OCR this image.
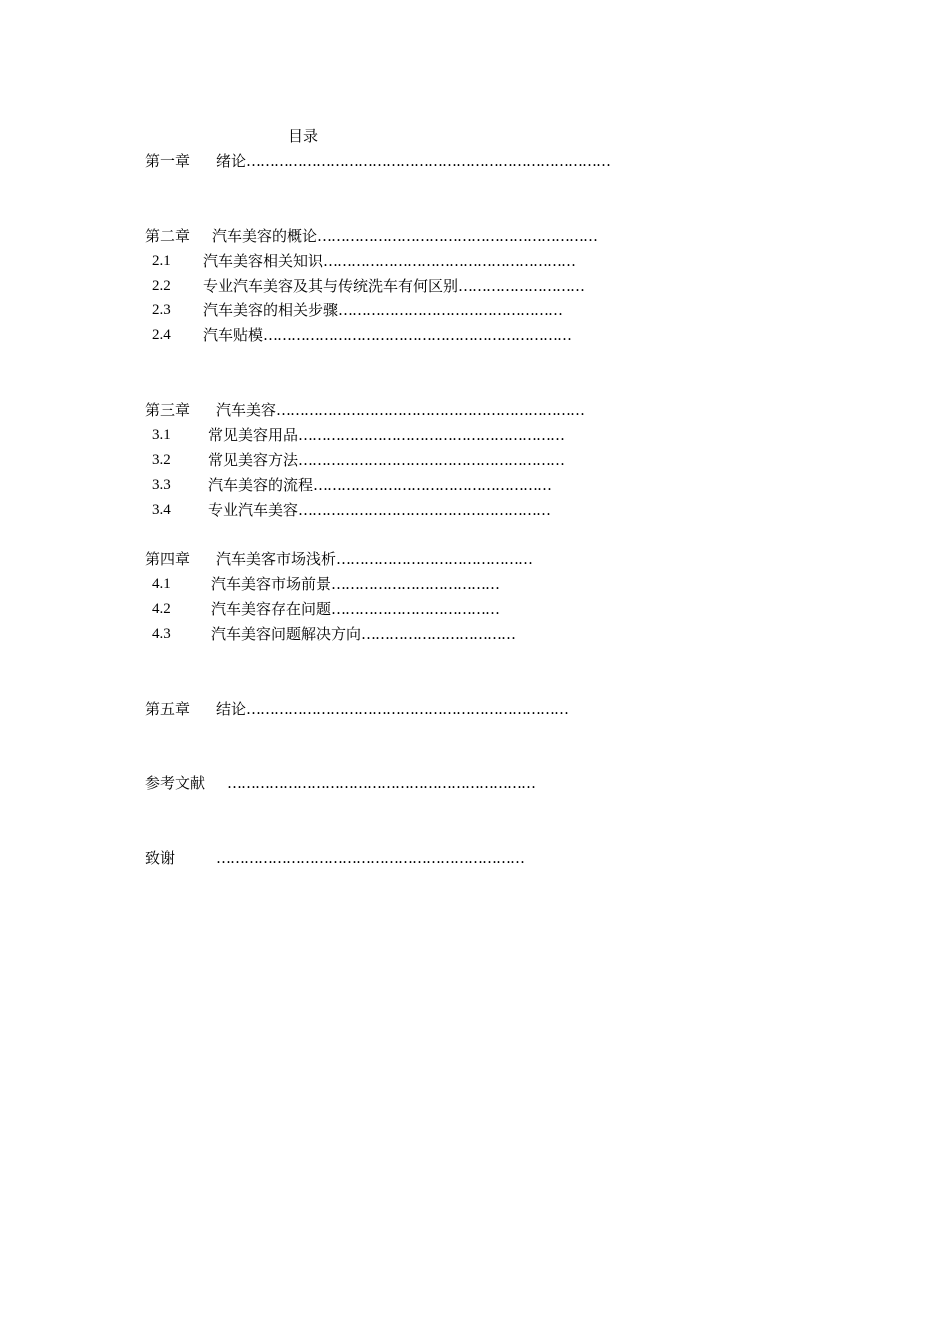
目录
第一章 绪论……………………………………………………………………
第二章 汽车美容的概论……………………………………………………
2.1 汽车美容相关知识………………………………………………
2.2 专业汽车美容及其与传统洗车有何区别………………………
2.3 汽车美容的相关步骤…………………………………………
2.4 汽车贴模…………………………………………………………
第三章 汽车美容…………………………………………………………
3.1 常见美容用品…………………………………………………
3.2 常见美容方法…………………………………………………
3.3 汽车美容的流程……………………………………………
3.4 专业汽车美容………………………………………………
第四章 汽车美客市场浅析……………………………………
4.1	汽车美容市场前景………………………………
4.2	汽车美容存在问题………………………………
4.3	汽车美容问题解决方向……………………………
第五章 结论……………………………………………………………
参考文献 …………………………………………………………
致谢	…………………………………………………………
